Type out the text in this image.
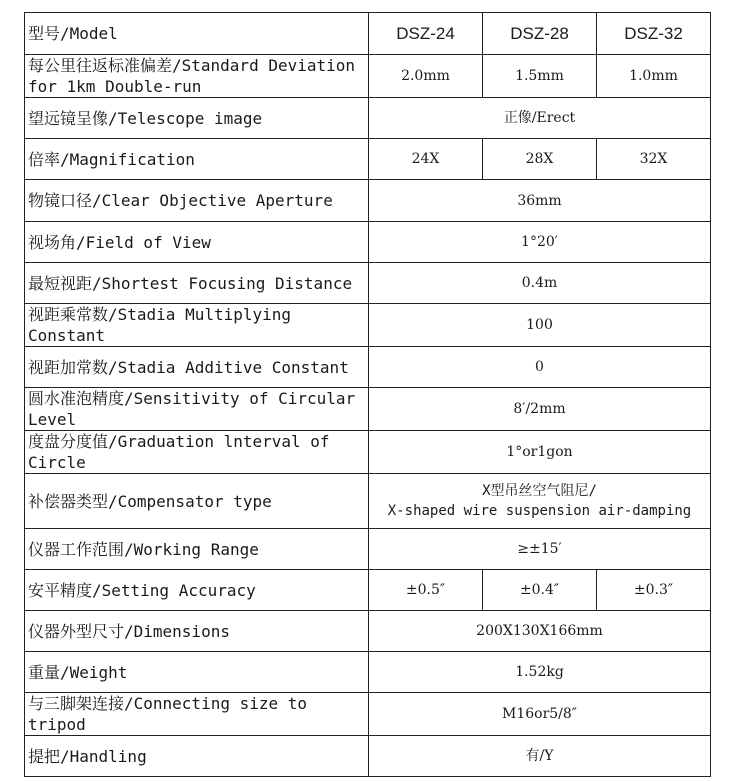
型号/Model	DSZ-24	DSZ-28	DSZ-32
每公里往返标准偏差/Standard Deviation for 1km Double-run	2.0mm	1.5mm	1.0mm
望远镜呈像/Telescope image	正像/Erect		
倍率/Magnification	24X	28X	32X
物镜口径/Clear Objective Aperture	36mm		
视场角/Field of View	1°20′		
最短视距/Shortest Focusing Distance	0.4m		
视距乘常数/Stadia Multiplying Constant	100		
视距加常数/Stadia Additive Constant	0		
圆水准泡精度/Sensitivity of Circular Level	8′/2mm		
度盘分度值/Graduation lnterval of Circle	1°or1gon		
补偿器类型/Compensator type	X型吊丝空气阻尼/
X-shaped wire suspension air-damping		

仪器工作范围/Working Range	≥±15′		
安平精度/Setting Accuracy	±0.5″	±0.4″	±0.3″
仪器外型尺寸/Dimensions	200X130X166mm		
重量/Weight	1.52kg		
与三脚架连接/Connecting size to tripod	M16or5/8″		
提把/Handling	有/Y		
